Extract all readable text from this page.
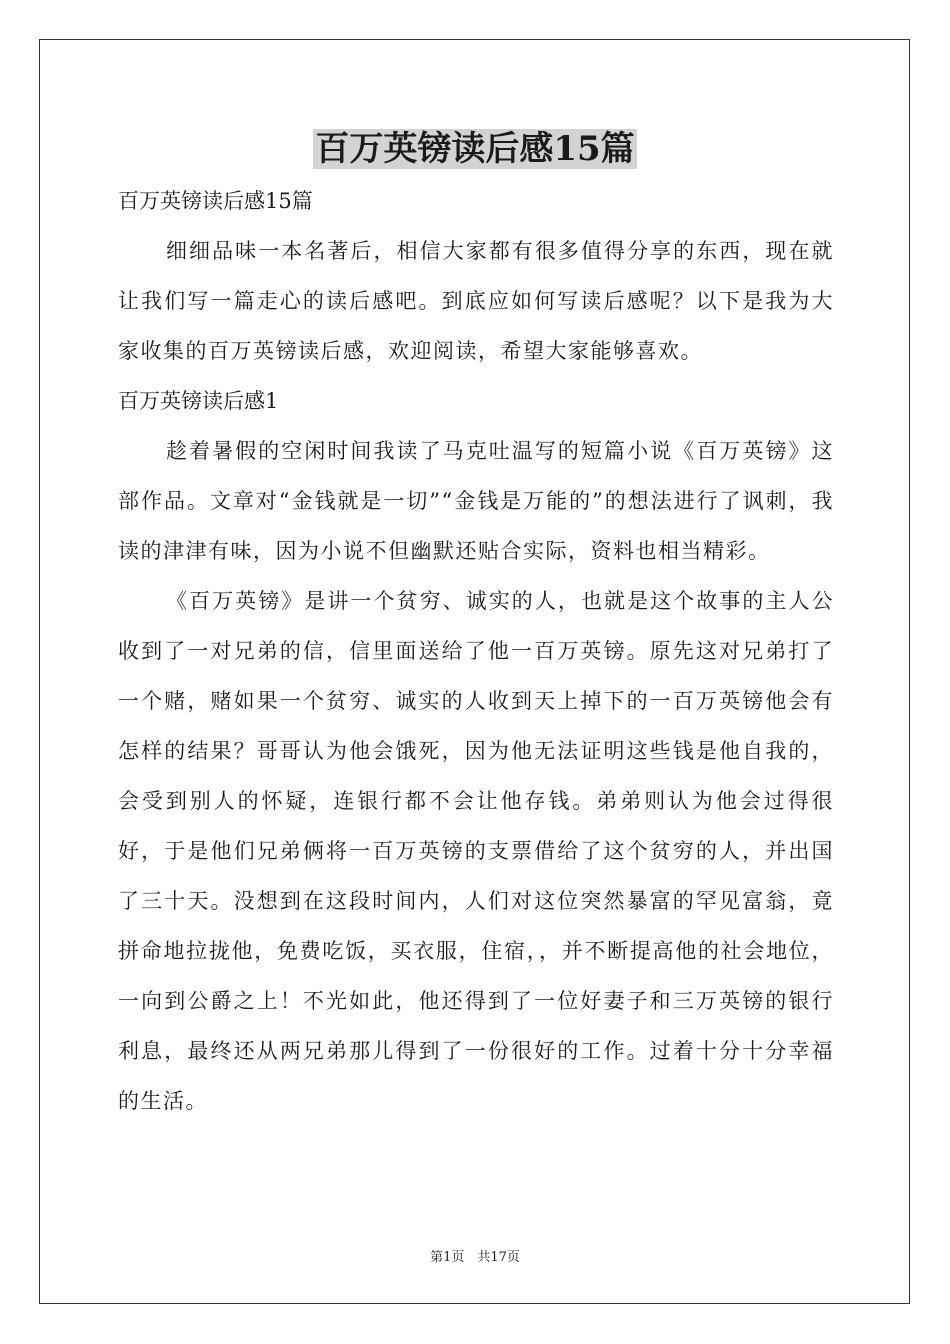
百万英镑读后感15篇

百万英镑读后感15篇

细细品味一本名著后，相信大家都有很多值得分享的东西，现在就让我们写一篇走心的读后感吧。到底应如何写读后感呢？以下是我为大家收集的百万英镑读后感，欢迎阅读，希望大家能够喜欢。

百万英镑读后感1

趁着暑假的空闲时间我读了马克吐温写的短篇小说《百万英镑》这部作品。文章对“金钱就是一切”“金钱是万能的”的想法进行了讽刺，我读的津津有味，因为小说不但幽默还贴合实际，资料也相当精彩。

《百万英镑》是讲一个贫穷、诚实的人，也就是这个故事的主人公收到了一对兄弟的信，信里面送给了他一百万英镑。原先这对兄弟打了一个赌，赌如果一个贫穷、诚实的人收到天上掉下的一百万英镑他会有怎样的结果？哥哥认为他会饿死，因为他无法证明这些钱是他自我的，会受到别人的怀疑，连银行都不会让他存钱。弟弟则认为他会过得很好，于是他们兄弟俩将一百万英镑的支票借给了这个贫穷的人，并出国了三十天。没想到在这段时间内，人们对这位突然暴富的罕见富翁，竟拼命地拉拢他，免费吃饭，买衣服，住宿，，并不断提高他的社会地位，一向到公爵之上！不光如此，他还得到了一位好妻子和三万英镑的银行利息，最终还从两兄弟那儿得到了一份很好的工作。过着十分十分幸福的生活。

第1页　共17页
